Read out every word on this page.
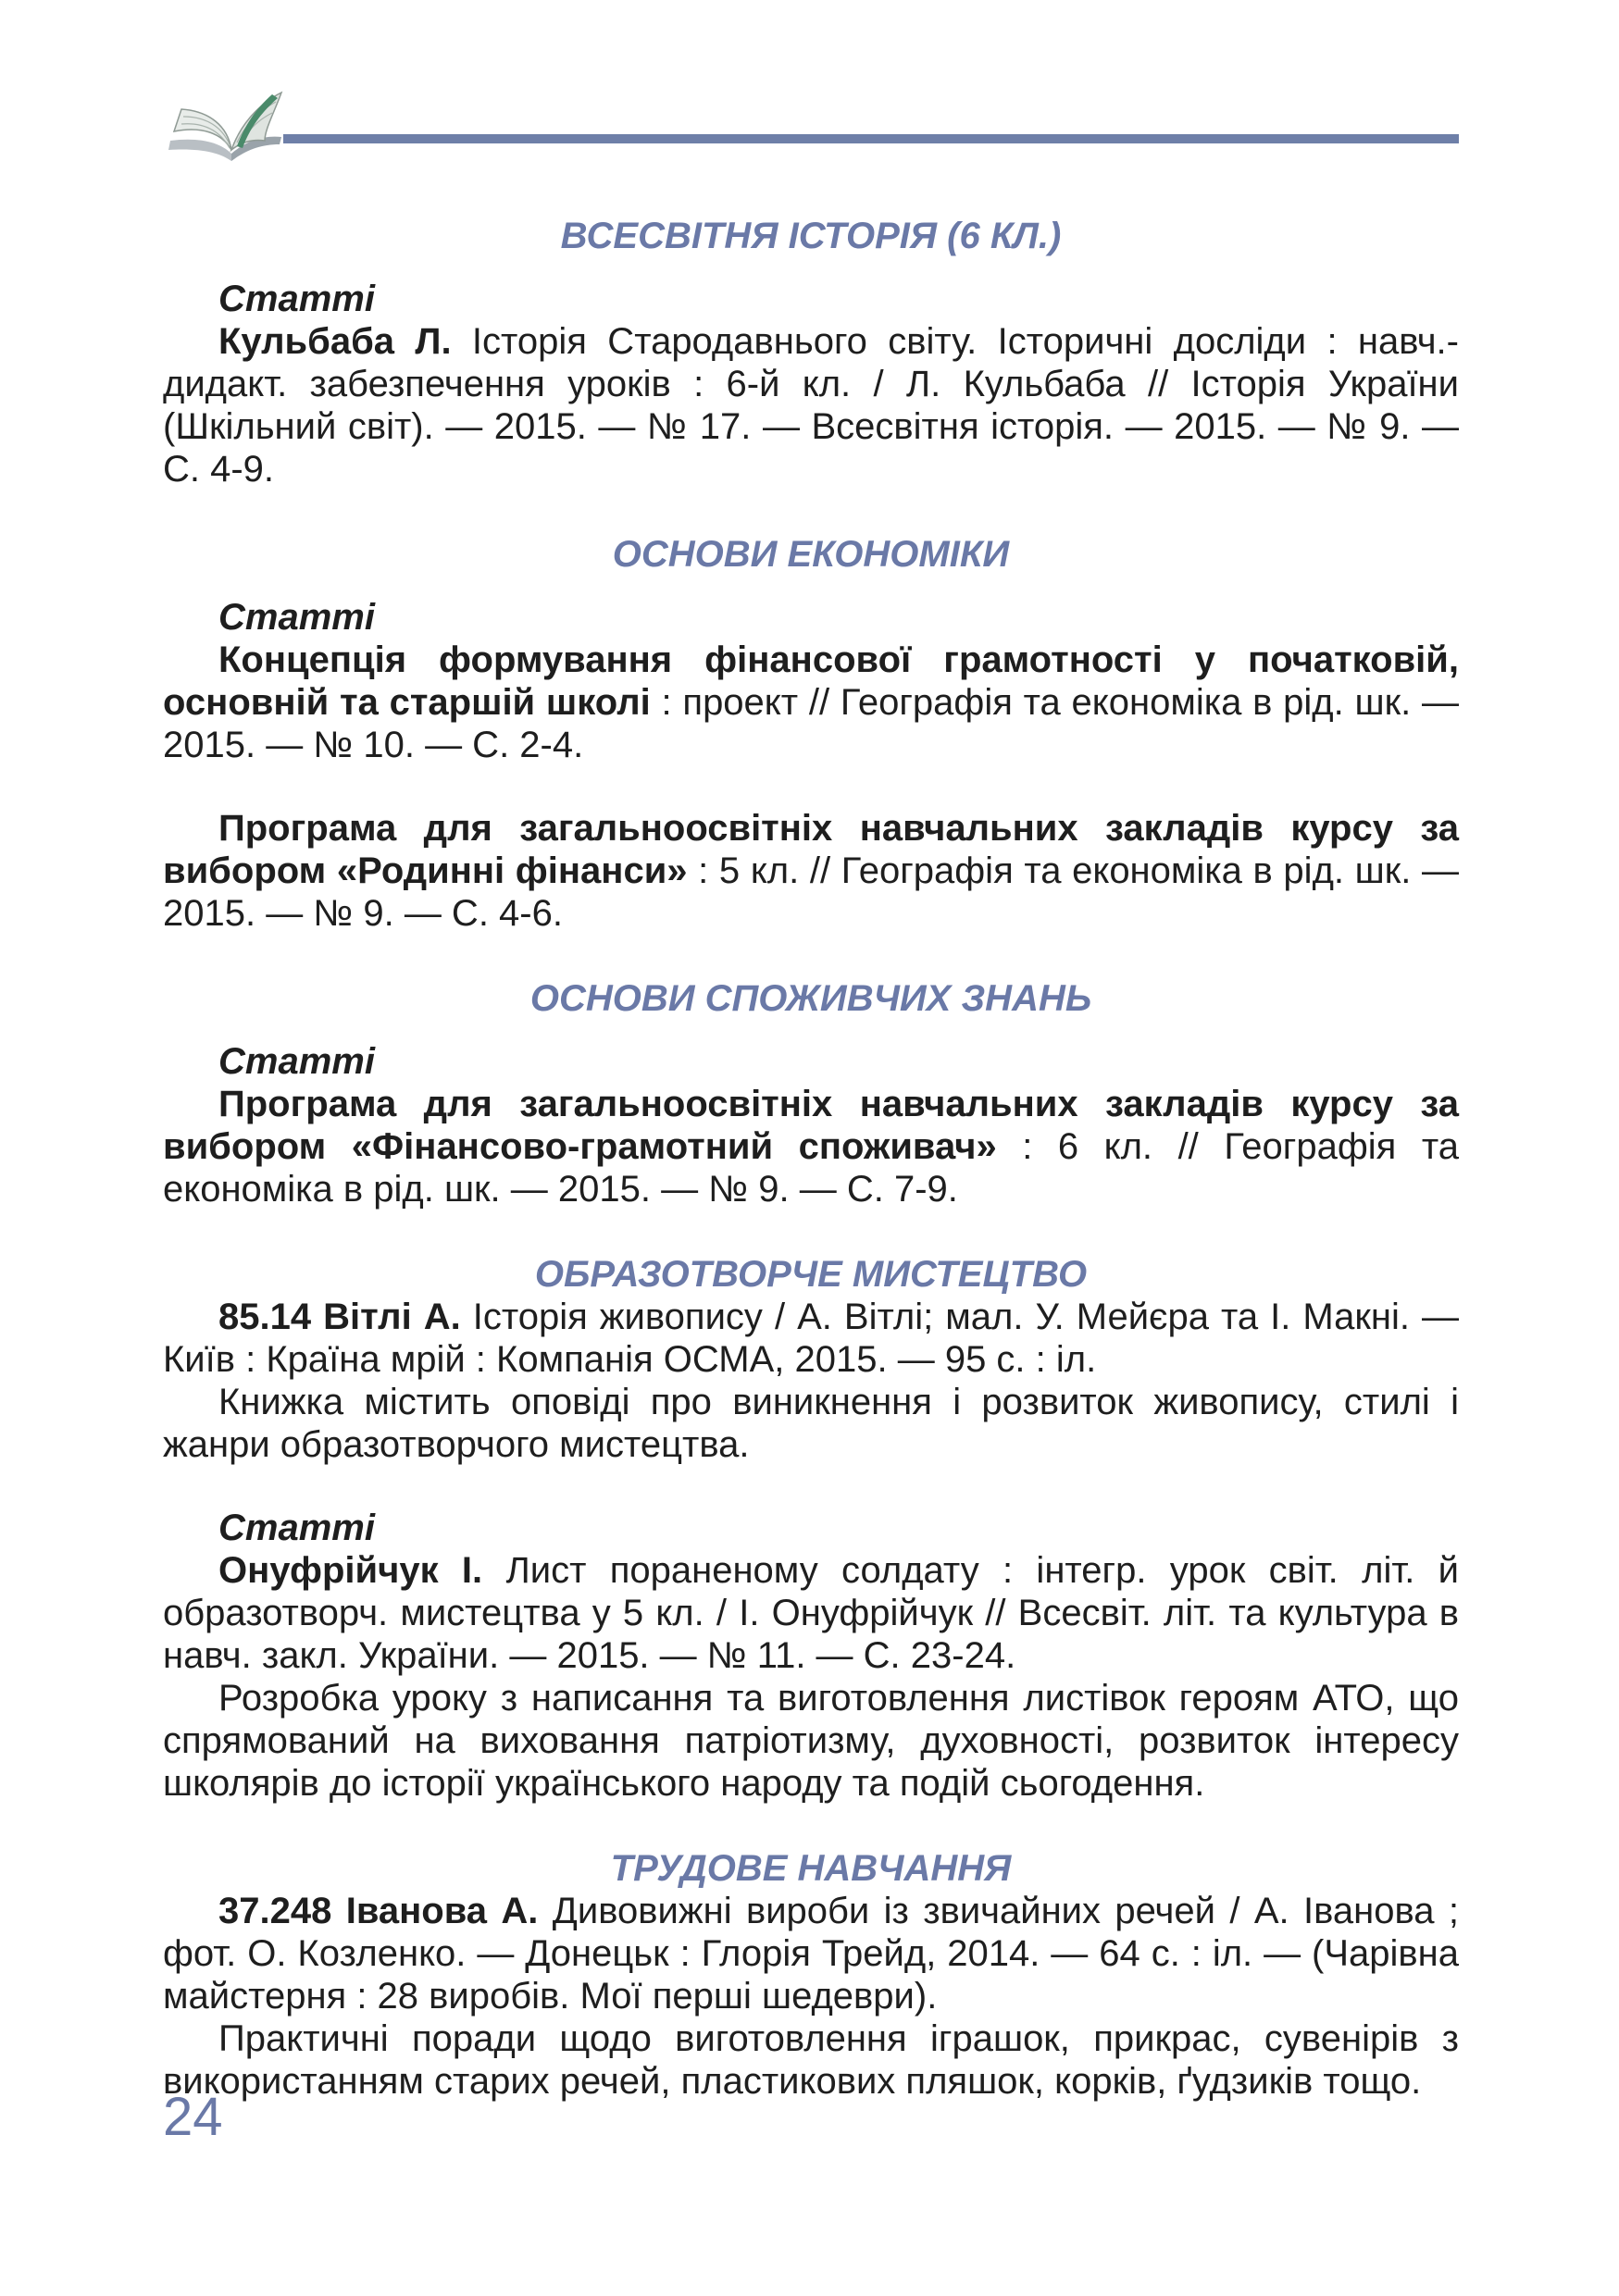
ВСЕСВІТНЯ ІСТОРІЯ (6 КЛ.)

Статті

Кульбаба Л. Історія Стародавнього світу. Історичні досліди : навч.-дидакт. забезпечення уроків : 6-й кл. / Л. Кульбаба // Історія України (Шкільний світ). — 2015. — № 17. — Всесвітня історія. — 2015. — № 9. — С. 4-9.

ОСНОВИ ЕКОНОМІКИ

Статті

Концепція формування фінансової грамотності у початковій, основній та старшій школі : проект // Географія та економіка в рід. шк. — 2015. — № 10. — С. 2-4.

Програма для загальноосвітніх навчальних закладів курсу за вибором «Родинні фінанси» : 5 кл. // Географія та економіка в рід. шк. — 2015. — № 9. — С. 4-6.

ОСНОВИ СПОЖИВЧИХ ЗНАНЬ

Статті

Програма для загальноосвітніх навчальних закладів курсу за вибором «Фінансово-грамотний споживач» : 6 кл. // Географія та економіка в рід. шк. — 2015. — № 9. — С. 7-9.

ОБРАЗОТВОРЧЕ МИСТЕЦТВО

85.14 Вітлі А. Історія живопису / А. Вітлі; мал. У. Мейєра та І. Макні. — Київ : Країна мрій : Компанія ОСМА, 2015. — 95 с. : іл.

Книжка містить оповіді про виникнення і розвиток живопису, стилі і жанри образотворчого мистецтва.

Статті

Онуфрійчук І. Лист пораненому солдату : інтегр. урок світ. літ. й образотворч. мистецтва у 5 кл. / І. Онуфрійчук // Всесвіт. літ. та культура в навч. закл. України. — 2015. — № 11. — С. 23-24.

Розробка уроку з написання та виготовлення листівок героям АТО, що спрямований на виховання патріотизму, духовності, розвиток інтересу школярів до історії українського народу та подій сьогодення.

ТРУДОВЕ НАВЧАННЯ

37.248 Іванова А. Дивовижні вироби із звичайних речей / А. Іванова ; фот. О. Козленко. — Донецьк : Глорія Трейд, 2014. — 64 с. : іл. — (Чарівна майстерня : 28 виробів. Мої перші шедеври).

Практичні поради щодо виготовлення іграшок, прикрас, сувенірів з використанням старих речей, пластикових пляшок, корків, ґудзиків тощо.

24
